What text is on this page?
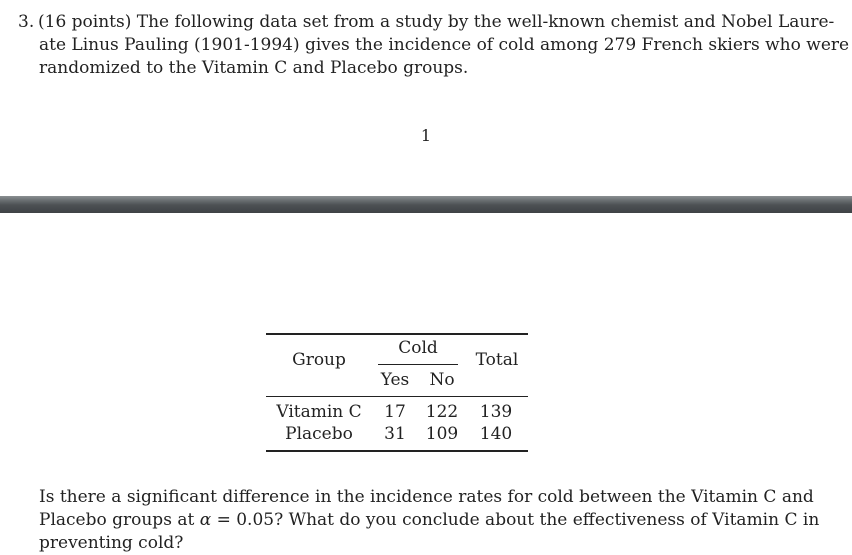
3. (16 points) The following data set from a study by the well-known chemist and Nobel Laure-
ate Linus Pauling (1901-1994) gives the incidence of cold among 279 French skiers who were
randomized to the Vitamin C and Placebo groups.
1
Group
Cold
Total
Yes No
Vitamin C 17 122 139
Placebo 31 109 140
Is there a significant difference in the incidence rates for cold between the Vitamin C and
Placebo groups at α = 0.05? What do you conclude about the effectiveness of Vitamin C in
preventing cold?
